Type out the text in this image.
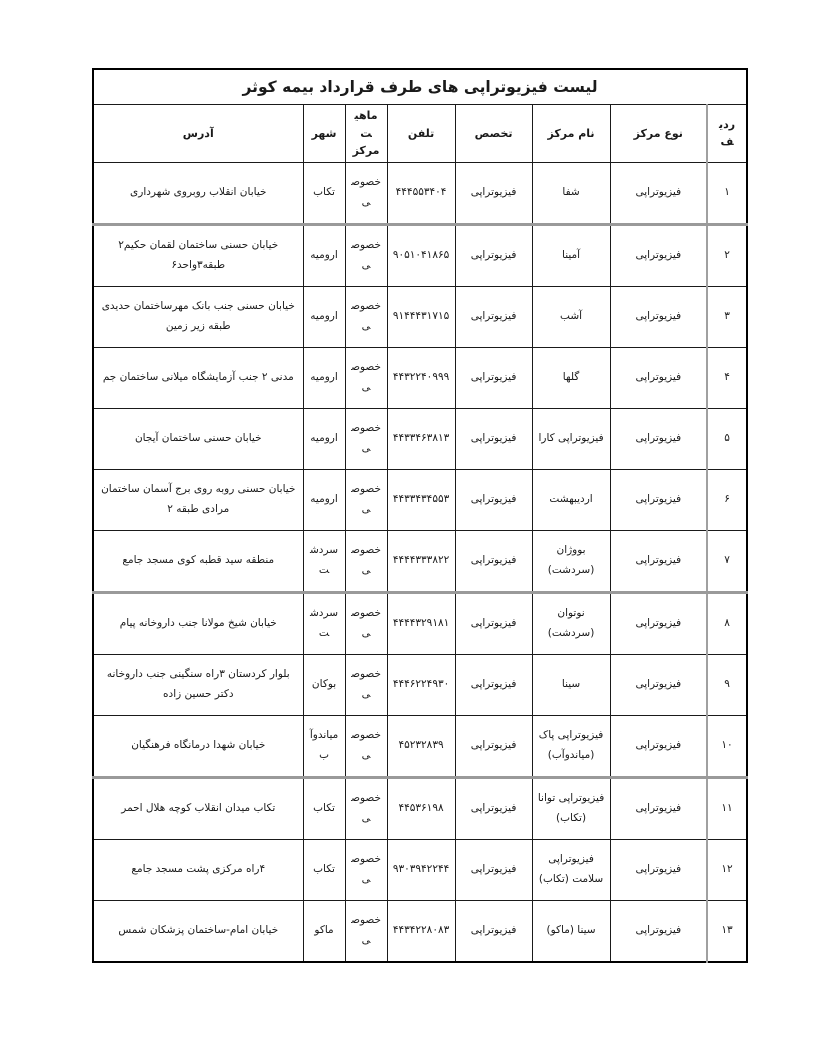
لیست فیزیوتراپی های طرف قرارداد بیمه کوثر							
ردیف	نوع مرکز	نام مرکز	تخصص	تلفن	ماهیت مرکز	شهر	آدرس
۱	فیزیوتراپی	شفا	فیزیوتراپی	۴۴۴۵۵۳۴۰۴	خصوصی	تکاب	خیابان انقلاب روبروی شهرداری
۲	فیزیوتراپی	آمینا	فیزیوتراپی	۹۰۵۱۰۴۱۸۶۵	خصوصی	ارومیه	خیابان حسنی ساختمان لقمان حکیم۲ طبقه۳واحد۶
۳	فیزیوتراپی	آشب	فیزیوتراپی	۹۱۴۴۴۳۱۷۱۵	خصوصی	ارومیه	خیابان حسنی جنب بانک مهرساختمان حدیدی طبقه زیر زمین
۴	فیزیوتراپی	گلها	فیزیوتراپی	۴۴۳۲۲۴۰۹۹۹	خصوصی	ارومیه	مدنی ۲ جنب آزمایشگاه میلانی ساختمان جم
۵	فیزیوتراپی	فیزیوتراپی کارا	فیزیوتراپی	۴۴۳۳۴۶۳۸۱۳	خصوصی	ارومیه	خیابان حسنی ساختمان آیجان
۶	فیزیوتراپی	اردیبهشت	فیزیوتراپی	۴۴۳۳۴۳۴۵۵۳	خصوصی	ارومیه	خیابان حسنی روبه روی برج آسمان ساختمان مرادی طبقه ۲
۷	فیزیوتراپی	بووژان (سردشت)	فیزیوتراپی	۴۴۴۴۳۳۳۸۲۲	خصوصی	سردشت	منطقه سید قطبه کوی مسجد جامع
۸	فیزیوتراپی	نوتوان (سردشت)	فیزیوتراپی	۴۴۴۴۳۲۹۱۸۱	خصوصی	سردشت	خیابان شیخ مولانا جنب داروخانه پیام
۹	فیزیوتراپی	سینا	فیزیوتراپی	۴۴۴۶۲۲۴۹۳۰	خصوصی	بوکان	بلوار کردستان ۳راه سنگینی جنب داروخانه دکتر حسین زاده
۱۰	فیزیوتراپی	فیزیوتراپی پاک (میاندوآب)	فیزیوتراپی	۴۵۲۳۲۸۳۹	خصوصی	میاندوآب	خیابان شهدا درمانگاه فرهنگیان
۱۱	فیزیوتراپی	فیزیوتراپی توانا (تکاب)	فیزیوتراپی	۴۴۵۳۶۱۹۸	خصوصی	تکاب	تکاب میدان انقلاب کوچه هلال احمر
۱۲	فیزیوتراپی	فیزیوتراپی سلامت (تکاب)	فیزیوتراپی	۹۳۰۳۹۴۲۲۴۴	خصوصی	تکاب	۴راه مرکزی پشت مسجد جامع
۱۳	فیزیوتراپی	سینا (ماکو)	فیزیوتراپی	۴۴۳۴۲۲۸۰۸۳	خصوصی	ماکو	خیابان امام-ساختمان پزشکان شمس
